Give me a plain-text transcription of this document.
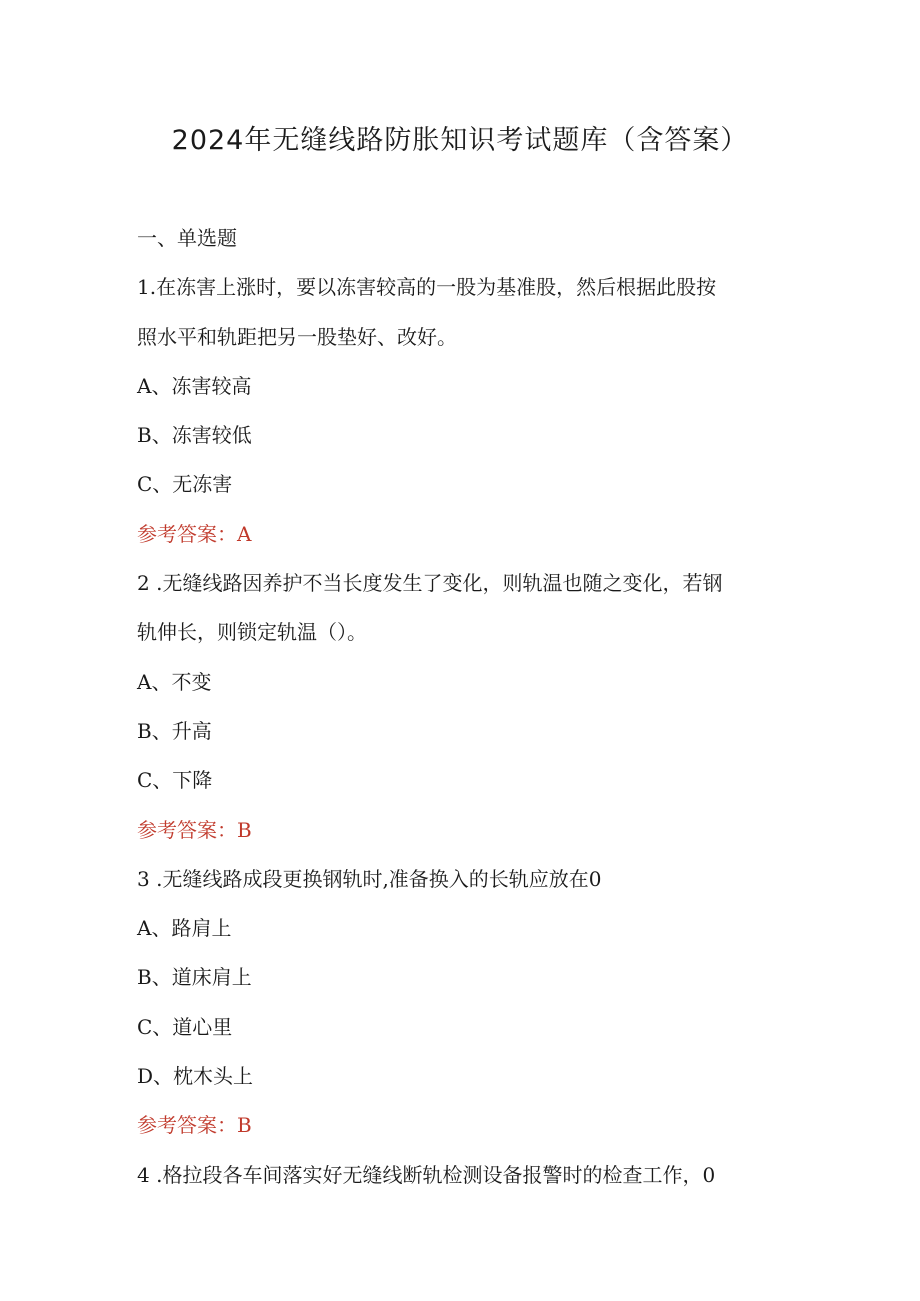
2024年无缝线路防胀知识考试题库（含答案）
一、单选题
1.在冻害上涨时，要以冻害较高的一股为基准股，然后根据此股按
照水平和轨距把另一股垫好、改好。
A、冻害较高
B、冻害较低
C、无冻害
参考答案：A
2 .无缝线路因养护不当长度发生了变化，则轨温也随之变化，若钢
轨伸长，则锁定轨温（）。
A、不变
B、升高
C、下降
参考答案：B
3 .无缝线路成段更换钢轨时,准备换入的长轨应放在0
A、路肩上
B、道床肩上
C、道心里
D、枕木头上
参考答案：B
4 .格拉段各车间落实好无缝线断轨检测设备报警时的检查工作，0
